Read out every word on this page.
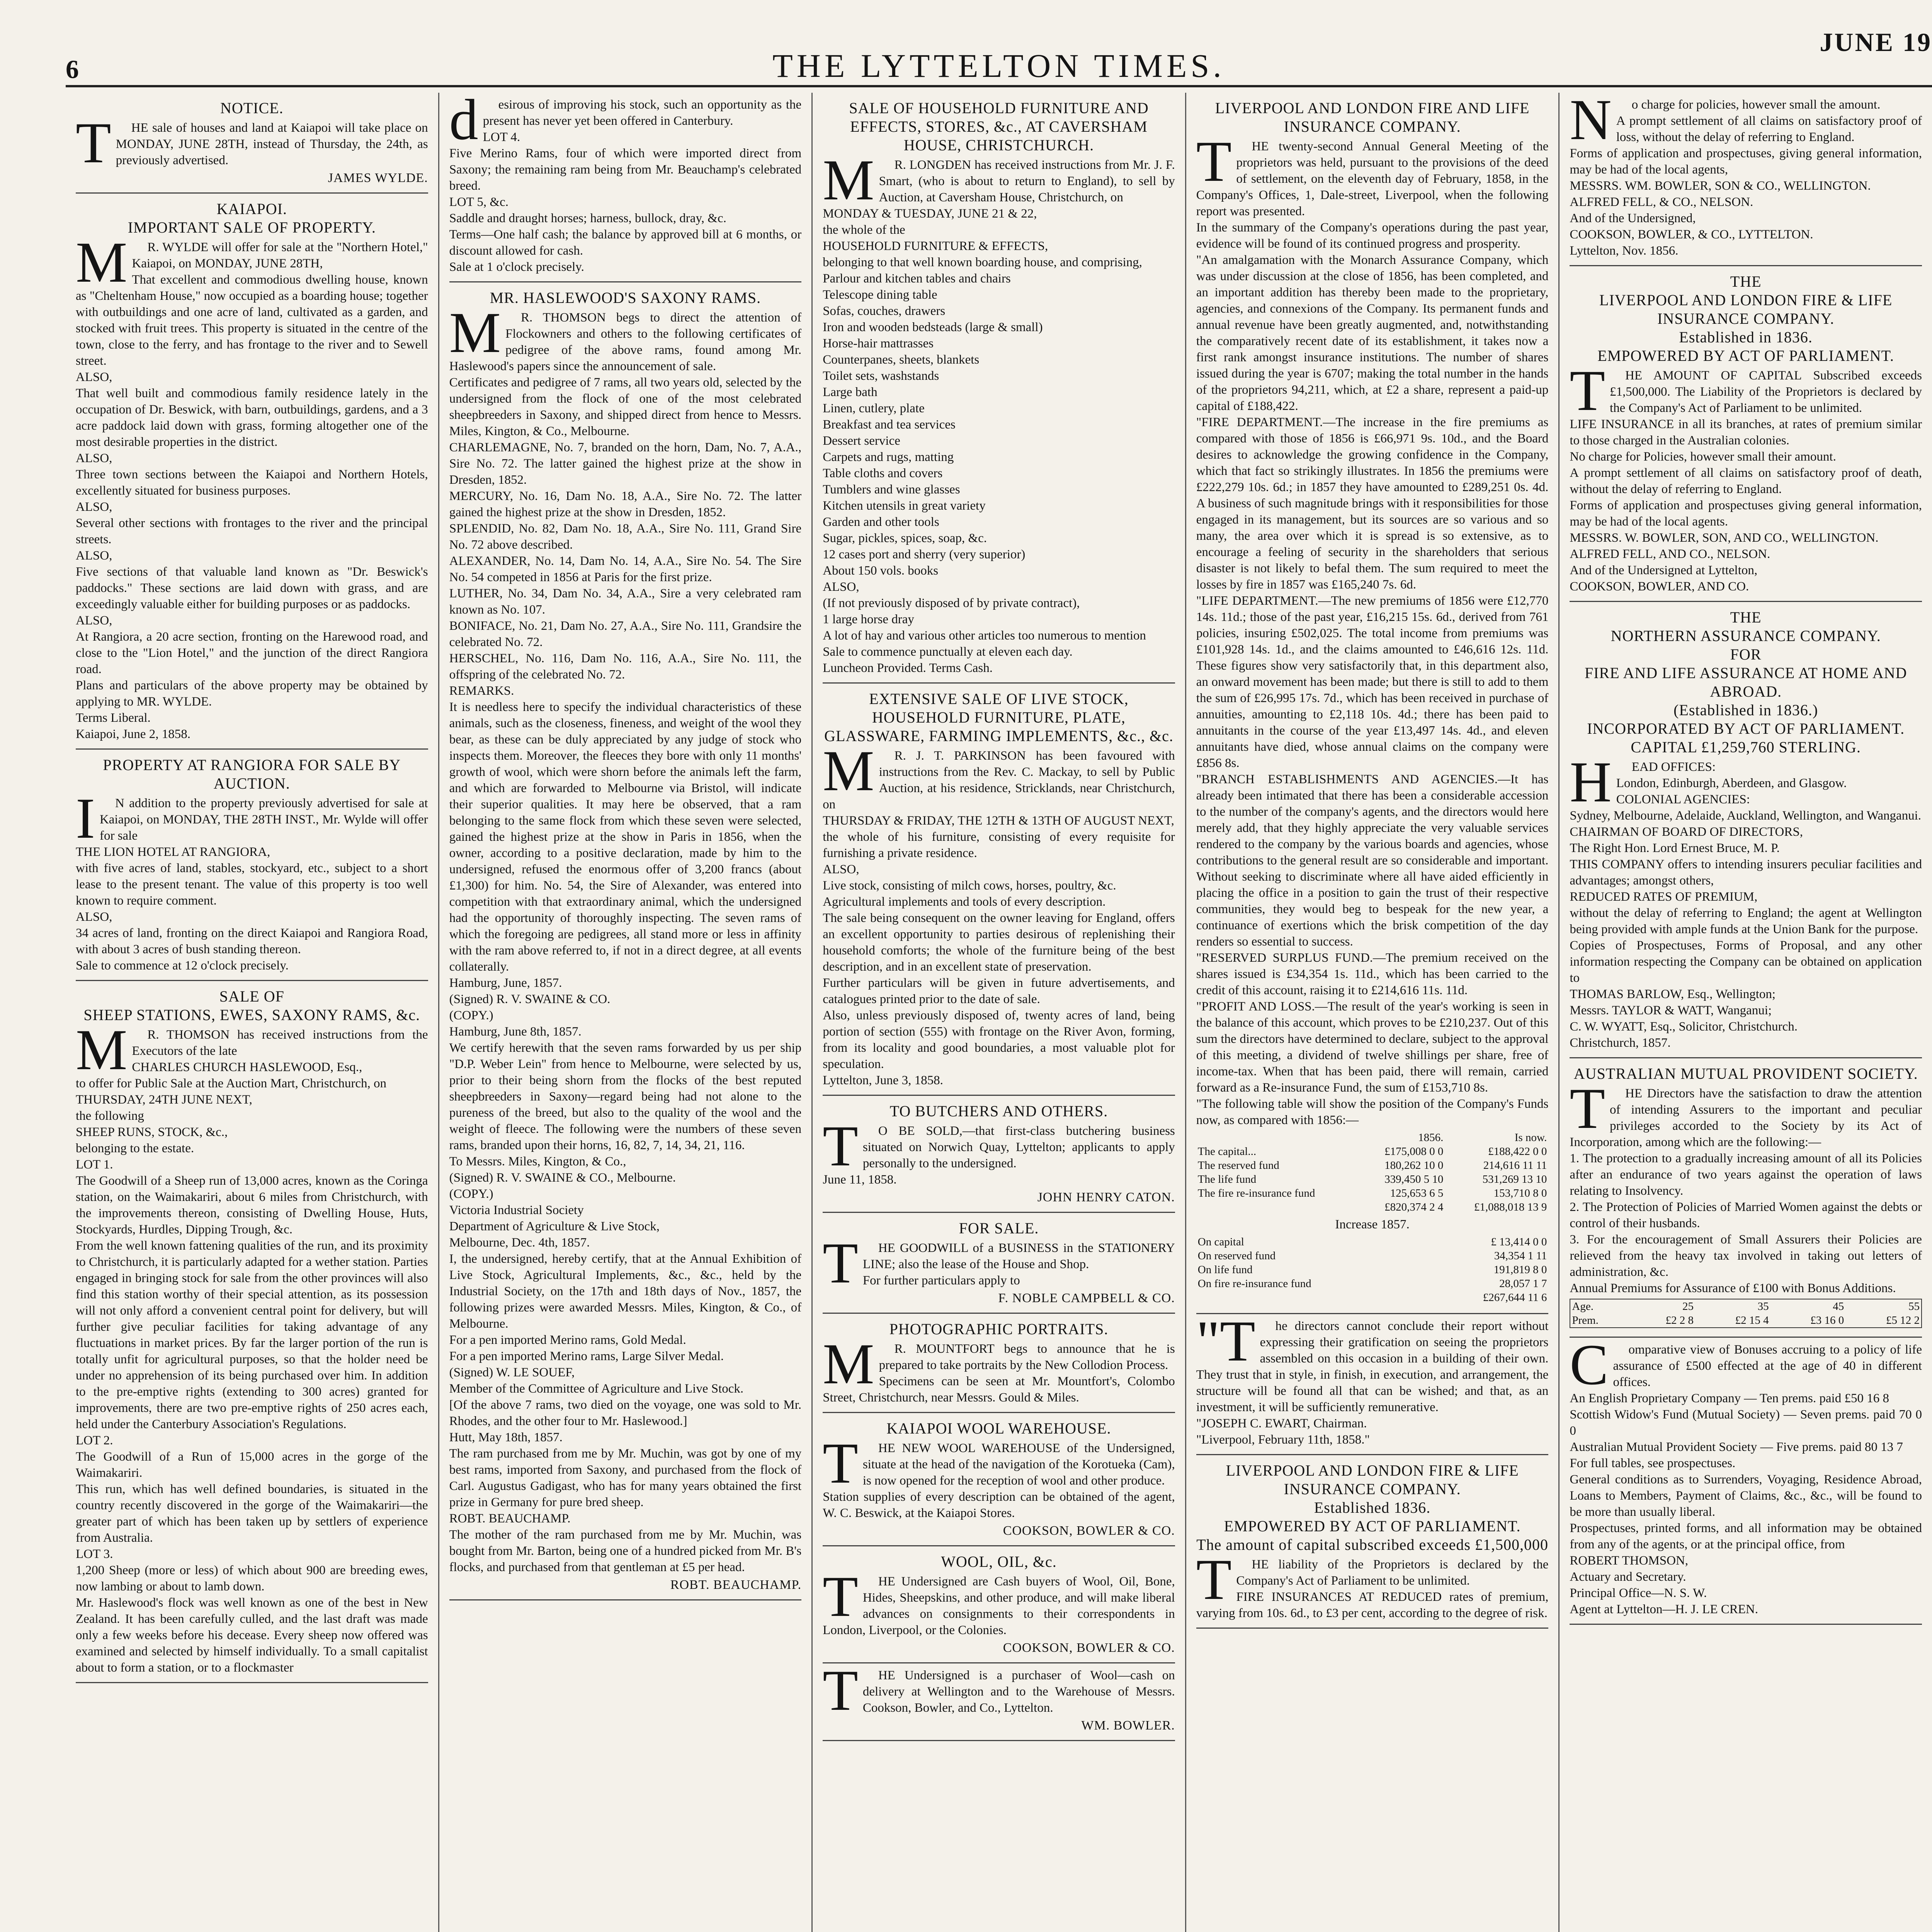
6	THE LYTTELTON TIMES.
JUNE 19
NOTICE.

THE sale of houses and land at Kaiapoi will take place on MONDAY, JUNE 28TH, instead of Thursday, the 24th, as previously advertised.

JAMES WYLDE.

KAIAPOI.
IMPORTANT SALE OF PROPERTY.

MR. WYLDE will offer for sale at the "Northern Hotel," Kaiapoi, on MONDAY, JUNE 28TH,
That excellent and commodious dwelling house, known as "Cheltenham House," now occupied as a boarding house; together with outbuildings and one acre of land, cultivated as a garden, and stocked with fruit trees. This property is situated in the centre of the town, close to the ferry, and has frontage to the river and to Sewell street.
ALSO,
That well built and commodious family residence lately in the occupation of Dr. Beswick, with barn, outbuildings, gardens, and a 3 acre paddock laid down with grass, forming altogether one of the most desirable properties in the district.
ALSO,
Three town sections between the Kaiapoi and Northern Hotels, excellently situated for business purposes.
ALSO,
Several other sections with frontages to the river and the principal streets.
ALSO,
Five sections of that valuable land known as "Dr. Beswick's paddocks." These sections are laid down with grass, and are exceedingly valuable either for building purposes or as paddocks.
ALSO,
At Rangiora, a 20 acre section, fronting on the Harewood road, and close to the "Lion Hotel," and the junction of the direct Rangiora road.
Plans and particulars of the above property may be obtained by applying to MR. WYLDE.
Terms Liberal.
Kaiapoi, June 2, 1858.

PROPERTY AT RANGIORA FOR SALE BY AUCTION.

IN addition to the property previously advertised for sale at Kaiapoi, on MONDAY, THE 28TH INST., Mr. Wylde will offer for sale
THE LION HOTEL AT RANGIORA,
with five acres of land, stables, stockyard, etc., subject to a short lease to the present tenant. The value of this property is too well known to require comment.
ALSO,
34 acres of land, fronting on the direct Kaiapoi and Rangiora Road, with about 3 acres of bush standing thereon.
Sale to commence at 12 o'clock precisely.

SALE OF
SHEEP STATIONS, EWES, SAXONY RAMS, &c.

MR. THOMSON has received instructions from the Executors of the late
CHARLES CHURCH HASLEWOOD, Esq.,
to offer for Public Sale at the Auction Mart, Christchurch, on
THURSDAY, 24TH JUNE NEXT,
the following
SHEEP RUNS, STOCK, &c.,
belonging to the estate.
LOT 1.
The Goodwill of a Sheep run of 13,000 acres, known as the Coringa station, on the Waimakariri, about 6 miles from Christchurch, with the improvements thereon, consisting of Dwelling House, Huts, Stockyards, Hurdles, Dipping Trough, &c.
From the well known fattening qualities of the run, and its proximity to Christchurch, it is particularly adapted for a wether station. Parties engaged in bringing stock for sale from the other provinces will also find this station worthy of their special attention, as its possession will not only afford a convenient central point for delivery, but will further give peculiar facilities for taking advantage of any fluctuations in market prices. By far the larger portion of the run is totally unfit for agricultural purposes, so that the holder need be under no apprehension of its being purchased over him. In addition to the pre-emptive rights (extending to 300 acres) granted for improvements, there are two pre-emptive rights of 250 acres each, held under the Canterbury Association's Regulations.
LOT 2.
The Goodwill of a Run of 15,000 acres in the gorge of the Waimakariri.
This run, which has well defined boundaries, is situated in the country recently discovered in the gorge of the Waimakariri—the greater part of which has been taken up by settlers of experience from Australia.
LOT 3.
1,200 Sheep (more or less) of which about 900 are breeding ewes, now lambing or about to lamb down.
Mr. Haslewood's flock was well known as one of the best in New Zealand. It has been carefully culled, and the last draft was made only a few weeks before his decease. Every sheep now offered was examined and selected by himself individually. To a small capitalist about to form a station, or to a flockmaster

desirous of improving his stock, such an opportunity as the present has never yet been offered in Canterbury.
LOT 4.
Five Merino Rams, four of which were imported direct from Saxony; the remaining ram being from Mr. Beauchamp's celebrated breed.
LOT 5, &c.
Saddle and draught horses; harness, bullock, dray, &c.
Terms—One half cash; the balance by approved bill at 6 months, or discount allowed for cash.
Sale at 1 o'clock precisely.

MR. HASLEWOOD'S SAXONY RAMS.

MR. THOMSON begs to direct the attention of Flockowners and others to the following certificates of pedigree of the above rams, found among Mr. Haslewood's papers since the announcement of sale.
Certificates and pedigree of 7 rams, all two years old, selected by the undersigned from the flock of one of the most celebrated sheepbreeders in Saxony, and shipped direct from hence to Messrs. Miles, Kington, & Co., Melbourne.
CHARLEMAGNE, No. 7, branded on the horn, Dam, No. 7, A.A., Sire No. 72. The latter gained the highest prize at the show in Dresden, 1852.
MERCURY, No. 16, Dam No. 18, A.A., Sire No. 72. The latter gained the highest prize at the show in Dresden, 1852.
SPLENDID, No. 82, Dam No. 18, A.A., Sire No. 111, Grand Sire No. 72 above described.
ALEXANDER, No. 14, Dam No. 14, A.A., Sire No. 54. The Sire No. 54 competed in 1856 at Paris for the first prize.
LUTHER, No. 34, Dam No. 34, A.A., Sire a very celebrated ram known as No. 107.
BONIFACE, No. 21, Dam No. 27, A.A., Sire No. 111, Grandsire the celebrated No. 72.
HERSCHEL, No. 116, Dam No. 116, A.A., Sire No. 111, the offspring of the celebrated No. 72.
REMARKS.
It is needless here to specify the individual characteristics of these animals, such as the closeness, fineness, and weight of the wool they bear, as these can be duly appreciated by any judge of stock who inspects them. Moreover, the fleeces they bore with only 11 months' growth of wool, which were shorn before the animals left the farm, and which are forwarded to Melbourne via Bristol, will indicate their superior qualities. It may here be observed, that a ram belonging to the same flock from which these seven were selected, gained the highest prize at the show in Paris in 1856, when the owner, according to a positive declaration, made by him to the undersigned, refused the enormous offer of 3,200 francs (about £1,300) for him. No. 54, the Sire of Alexander, was entered into competition with that extraordinary animal, which the undersigned had the opportunity of thoroughly inspecting. The seven rams of which the foregoing are pedigrees, all stand more or less in affinity with the ram above referred to, if not in a direct degree, at all events collaterally.
Hamburg, June, 1857.
(Signed) R. V. SWAINE & CO.
(COPY.)
Hamburg, June 8th, 1857.
We certify herewith that the seven rams forwarded by us per ship "D.P. Weber Lein" from hence to Melbourne, were selected by us, prior to their being shorn from the flocks of the best reputed sheepbreeders in Saxony—regard being had not alone to the pureness of the breed, but also to the quality of the wool and the weight of fleece. The following were the numbers of these seven rams, branded upon their horns, 16, 82, 7, 14, 34, 21, 116.
To Messrs. Miles, Kington, & Co.,
(Signed) R. V. SWAINE & CO., Melbourne.
(COPY.)
Victoria Industrial Society
Department of Agriculture & Live Stock,
Melbourne, Dec. 4th, 1857.
I, the undersigned, hereby certify, that at the Annual Exhibition of Live Stock, Agricultural Implements, &c., &c., held by the Industrial Society, on the 17th and 18th days of Nov., 1857, the following prizes were awarded Messrs. Miles, Kington, & Co., of Melbourne.
For a pen imported Merino rams, Gold Medal.
For a pen imported Merino rams, Large Silver Medal.
(Signed) W. LE SOUEF,
Member of the Committee of Agriculture and Live Stock.
[Of the above 7 rams, two died on the voyage, one was sold to Mr. Rhodes, and the other four to Mr. Haslewood.]
Hutt, May 18th, 1857.
The ram purchased from me by Mr. Muchin, was got by one of my best rams, imported from Saxony, and purchased from the flock of Carl. Augustus Gadigast, who has for many years obtained the first prize in Germany for pure bred sheep.
ROBT. BEAUCHAMP.
The mother of the ram purchased from me by Mr. Muchin, was bought from Mr. Barton, being one of a hundred picked from Mr. B's flocks, and purchased from that gentleman at £5 per head.

ROBT. BEAUCHAMP.

SALE OF HOUSEHOLD FURNITURE AND EFFECTS, STORES, &c., AT CAVERSHAM HOUSE, CHRISTCHURCH.

MR. LONGDEN has received instructions from Mr. J. F. Smart, (who is about to return to England), to sell by Auction, at Caversham House, Christchurch, on
MONDAY & TUESDAY, JUNE 21 & 22,
the whole of the
HOUSEHOLD FURNITURE & EFFECTS,
belonging to that well known boarding house, and comprising,
Parlour and kitchen tables and chairs
Telescope dining table
Sofas, couches, drawers
Iron and wooden bedsteads (large & small)
Horse-hair mattrasses
Counterpanes, sheets, blankets
Toilet sets, washstands
Large bath
Linen, cutlery, plate
Breakfast and tea services
Dessert service
Carpets and rugs, matting
Table cloths and covers
Tumblers and wine glasses
Kitchen utensils in great variety
Garden and other tools
Sugar, pickles, spices, soap, &c.
12 cases port and sherry (very superior)
About 150 vols. books
ALSO,
(If not previously disposed of by private contract),
1 large horse dray
A lot of hay and various other articles too numerous to mention
Sale to commence punctually at eleven each day.
Luncheon Provided. Terms Cash.

EXTENSIVE SALE OF LIVE STOCK, HOUSEHOLD FURNITURE, PLATE, GLASSWARE, FARMING IMPLEMENTS, &c., &c.

MR. J. T. PARKINSON has been favoured with instructions from the Rev. C. Mackay, to sell by Public Auction, at his residence, Stricklands, near Christchurch, on
THURSDAY & FRIDAY, THE 12TH & 13TH OF AUGUST NEXT,
the whole of his furniture, consisting of every requisite for furnishing a private residence.
ALSO,
Live stock, consisting of milch cows, horses, poultry, &c.
Agricultural implements and tools of every description.
The sale being consequent on the owner leaving for England, offers an excellent opportunity to parties desirous of replenishing their household comforts; the whole of the furniture being of the best description, and in an excellent state of preservation.
Further particulars will be given in future advertisements, and catalogues printed prior to the date of sale.
Also, unless previously disposed of, twenty acres of land, being portion of section (555) with frontage on the River Avon, forming, from its locality and good boundaries, a most valuable plot for speculation.
Lyttelton, June 3, 1858.

TO BUTCHERS AND OTHERS.

TO BE SOLD,—that first-class butchering business situated on Norwich Quay, Lyttelton; applicants to apply personally to the undersigned.
June 11, 1858.

JOHN HENRY CATON.

FOR SALE.

THE GOODWILL of a BUSINESS in the STATIONERY LINE; also the lease of the House and Shop.
For further particulars apply to

F. NOBLE CAMPBELL & CO.

PHOTOGRAPHIC PORTRAITS.

MR. MOUNTFORT begs to announce that he is prepared to take portraits by the New Collodion Process.
Specimens can be seen at Mr. Mountfort's, Colombo Street, Christchurch, near Messrs. Gould & Miles.

KAIAPOI WOOL WAREHOUSE.

THE NEW WOOL WAREHOUSE of the Undersigned, situate at the head of the navigation of the Korotueka (Cam), is now opened for the reception of wool and other produce.
Station supplies of every description can be obtained of the agent, W. C. Beswick, at the Kaiapoi Stores.

COOKSON, BOWLER & CO.

WOOL, OIL, &c.

THE Undersigned are Cash buyers of Wool, Oil, Bone, Hides, Sheepskins, and other produce, and will make liberal advances on consignments to their correspondents in London, Liverpool, or the Colonies.

COOKSON, BOWLER & CO.

THE Undersigned is a purchaser of Wool—cash on delivery at Wellington and to the Warehouse of Messrs. Cookson, Bowler, and Co., Lyttelton.

WM. BOWLER.

LIVERPOOL AND LONDON FIRE AND LIFE INSURANCE COMPANY.

THE twenty-second Annual General Meeting of the proprietors was held, pursuant to the provisions of the deed of settlement, on the eleventh day of February, 1858, in the Company's Offices, 1, Dale-street, Liverpool, when the following report was presented.
In the summary of the Company's operations during the past year, evidence will be found of its continued progress and prosperity.
"An amalgamation with the Monarch Assurance Company, which was under discussion at the close of 1856, has been completed, and an important addition has thereby been made to the proprietary, agencies, and connexions of the Company. Its permanent funds and annual revenue have been greatly augmented, and, notwithstanding the comparatively recent date of its establishment, it takes now a first rank amongst insurance institutions. The number of shares issued during the year is 6707; making the total number in the hands of the proprietors 94,211, which, at £2 a share, represent a paid-up capital of £188,422.
"FIRE DEPARTMENT.—The increase in the fire premiums as compared with those of 1856 is £66,971 9s. 10d., and the Board desires to acknowledge the growing confidence in the Company, which that fact so strikingly illustrates. In 1856 the premiums were £222,279 10s. 6d.; in 1857 they have amounted to £289,251 0s. 4d. A business of such magnitude brings with it responsibilities for those engaged in its management, but its sources are so various and so many, the area over which it is spread is so extensive, as to encourage a feeling of security in the shareholders that serious disaster is not likely to befal them. The sum required to meet the losses by fire in 1857 was £165,240 7s. 6d.
"LIFE DEPARTMENT.—The new premiums of 1856 were £12,770 14s. 11d.; those of the past year, £16,215 15s. 6d., derived from 761 policies, insuring £502,025. The total income from premiums was £101,928 14s. 1d., and the claims amounted to £46,616 12s. 11d. These figures show very satisfactorily that, in this department also, an onward movement has been made; but there is still to add to them the sum of £26,995 17s. 7d., which has been received in purchase of annuities, amounting to £2,118 10s. 4d.; there has been paid to annuitants in the course of the year £13,497 14s. 4d., and eleven annuitants have died, whose annual claims on the company were £856 8s.
"BRANCH ESTABLISHMENTS AND AGENCIES.—It has already been intimated that there has been a considerable accession to the number of the company's agents, and the directors would here merely add, that they highly appreciate the very valuable services rendered to the company by the various boards and agencies, whose contributions to the general result are so considerable and important. Without seeking to discriminate where all have aided efficiently in placing the office in a position to gain the trust of their respective communities, they would beg to bespeak for the new year, a continuance of exertions which the brisk competition of the day renders so essential to success.
"RESERVED SURPLUS FUND.—The premium received on the shares issued is £34,354 1s. 11d., which has been carried to the credit of this account, raising it to £214,616 11s. 11d.
"PROFIT AND LOSS.—The result of the year's working is seen in the balance of this account, which proves to be £210,237. Out of this sum the directors have determined to declare, subject to the approval of this meeting, a dividend of twelve shillings per share, free of income-tax. When that has been paid, there will remain, carried forward as a Re-insurance Fund, the sum of £153,710 8s.
"The following table will show the position of the Company's Funds now, as compared with 1856:—

	1856.	Is now.
The capital...	£175,008 0 0	£188,422 0 0
The reserved fund	180,262 10 0	214,616 11 11
The life fund	339,450 5 10	531,269 13 10
The fire re-insurance fund	125,653 6 5	153,710 8 0
	£820,374 2 4	£1,088,018 13 9
Increase 1857.
On capital	£ 13,414 0 0
On reserved fund	34,354 1 11
On life fund	191,819 8 0
On fire re-insurance fund	28,057 1 7
	£267,644 11 6

"The directors cannot conclude their report without expressing their gratification on seeing the proprietors assembled on this occasion in a building of their own. They trust that in style, in finish, in execution, and arrangement, the structure will be found all that can be wished; and that, as an investment, it will be sufficiently remunerative.
"JOSEPH C. EWART, Chairman.
"Liverpool, February 11th, 1858."

LIVERPOOL AND LONDON FIRE & LIFE INSURANCE COMPANY.
Established 1836.
EMPOWERED BY ACT OF PARLIAMENT.
The amount of capital subscribed exceeds £1,500,000

THE liability of the Proprietors is declared by the Company's Act of Parliament to be unlimited.
FIRE INSURANCES AT REDUCED rates of premium, varying from 10s. 6d., to £3 per cent, according to the degree of risk.

No charge for policies, however small the amount.
A prompt settlement of all claims on satisfactory proof of loss, without the delay of referring to England.
Forms of application and prospectuses, giving general information, may be had of the local agents,
MESSRS. WM. BOWLER, SON & CO., WELLINGTON.
ALFRED FELL, & CO., NELSON.
And of the Undersigned,
COOKSON, BOWLER, & CO., LYTTELTON.
Lyttelton, Nov. 1856.

THE
LIVERPOOL AND LONDON FIRE & LIFE INSURANCE COMPANY.
Established in 1836.
EMPOWERED BY ACT OF PARLIAMENT.

THE AMOUNT OF CAPITAL Subscribed exceeds £1,500,000. The Liability of the Proprietors is declared by the Company's Act of Parliament to be unlimited.
LIFE INSURANCE in all its branches, at rates of premium similar to those charged in the Australian colonies.
No charge for Policies, however small their amount.
A prompt settlement of all claims on satisfactory proof of death, without the delay of referring to England.
Forms of application and prospectuses giving general information, may be had of the local agents.
MESSRS. W. BOWLER, SON, AND CO., WELLINGTON.
ALFRED FELL, AND CO., NELSON.
And of the Undersigned at Lyttelton,
COOKSON, BOWLER, AND CO.

THE
NORTHERN ASSURANCE COMPANY.
FOR
FIRE AND LIFE ASSURANCE AT HOME AND ABROAD.
(Established in 1836.)
INCORPORATED BY ACT OF PARLIAMENT.
CAPITAL £1,259,760 STERLING.

HEAD OFFICES:
London, Edinburgh, Aberdeen, and Glasgow.
COLONIAL AGENCIES:
Sydney, Melbourne, Adelaide, Auckland, Wellington, and Wanganui.
CHAIRMAN OF BOARD OF DIRECTORS,
The Right Hon. Lord Ernest Bruce, M. P.
THIS COMPANY offers to intending insurers peculiar facilities and advantages; amongst others,
REDUCED RATES OF PREMIUM,
without the delay of referring to England; the agent at Wellington being provided with ample funds at the Union Bank for the purpose.
Copies of Prospectuses, Forms of Proposal, and any other information respecting the Company can be obtained on application to
THOMAS BARLOW, Esq., Wellington;
Messrs. TAYLOR & WATT, Wanganui;
C. W. WYATT, Esq., Solicitor, Christchurch.
Christchurch, 1857.

AUSTRALIAN MUTUAL PROVIDENT SOCIETY.

THE Directors have the satisfaction to draw the attention of intending Assurers to the important and peculiar privileges accorded to the Society by its Act of Incorporation, among which are the following:—
1. The protection to a gradually increasing amount of all its Policies after an endurance of two years against the operation of laws relating to Insolvency.
2. The Protection of Policies of Married Women against the debts or control of their husbands.
3. For the encouragement of Small Assurers their Policies are relieved from the heavy tax involved in taking out letters of administration, &c.
Annual Premiums for Assurance of £100 with Bonus Additions.

Age.	25	35	45	55
Prem.	£2 2 8	£2 15 4	£3 16 0	£5 12 2

Comparative view of Bonuses accruing to a policy of life assurance of £500 effected at the age of 40 in different offices.
An English Proprietary Company — Ten prems. paid £50 16 8
Scottish Widow's Fund (Mutual Society) — Seven prems. paid 70 0 0
Australian Mutual Provident Society — Five prems. paid 80 13 7
For full tables, see prospectuses.
General conditions as to Surrenders, Voyaging, Residence Abroad, Loans to Members, Payment of Claims, &c., &c., will be found to be more than usually liberal.
Prospectuses, printed forms, and all information may be obtained from any of the agents, or at the principal office, from
ROBERT THOMSON,
Actuary and Secretary.
Principal Office—N. S. W.
Agent at Lyttelton—H. J. LE CREN.
